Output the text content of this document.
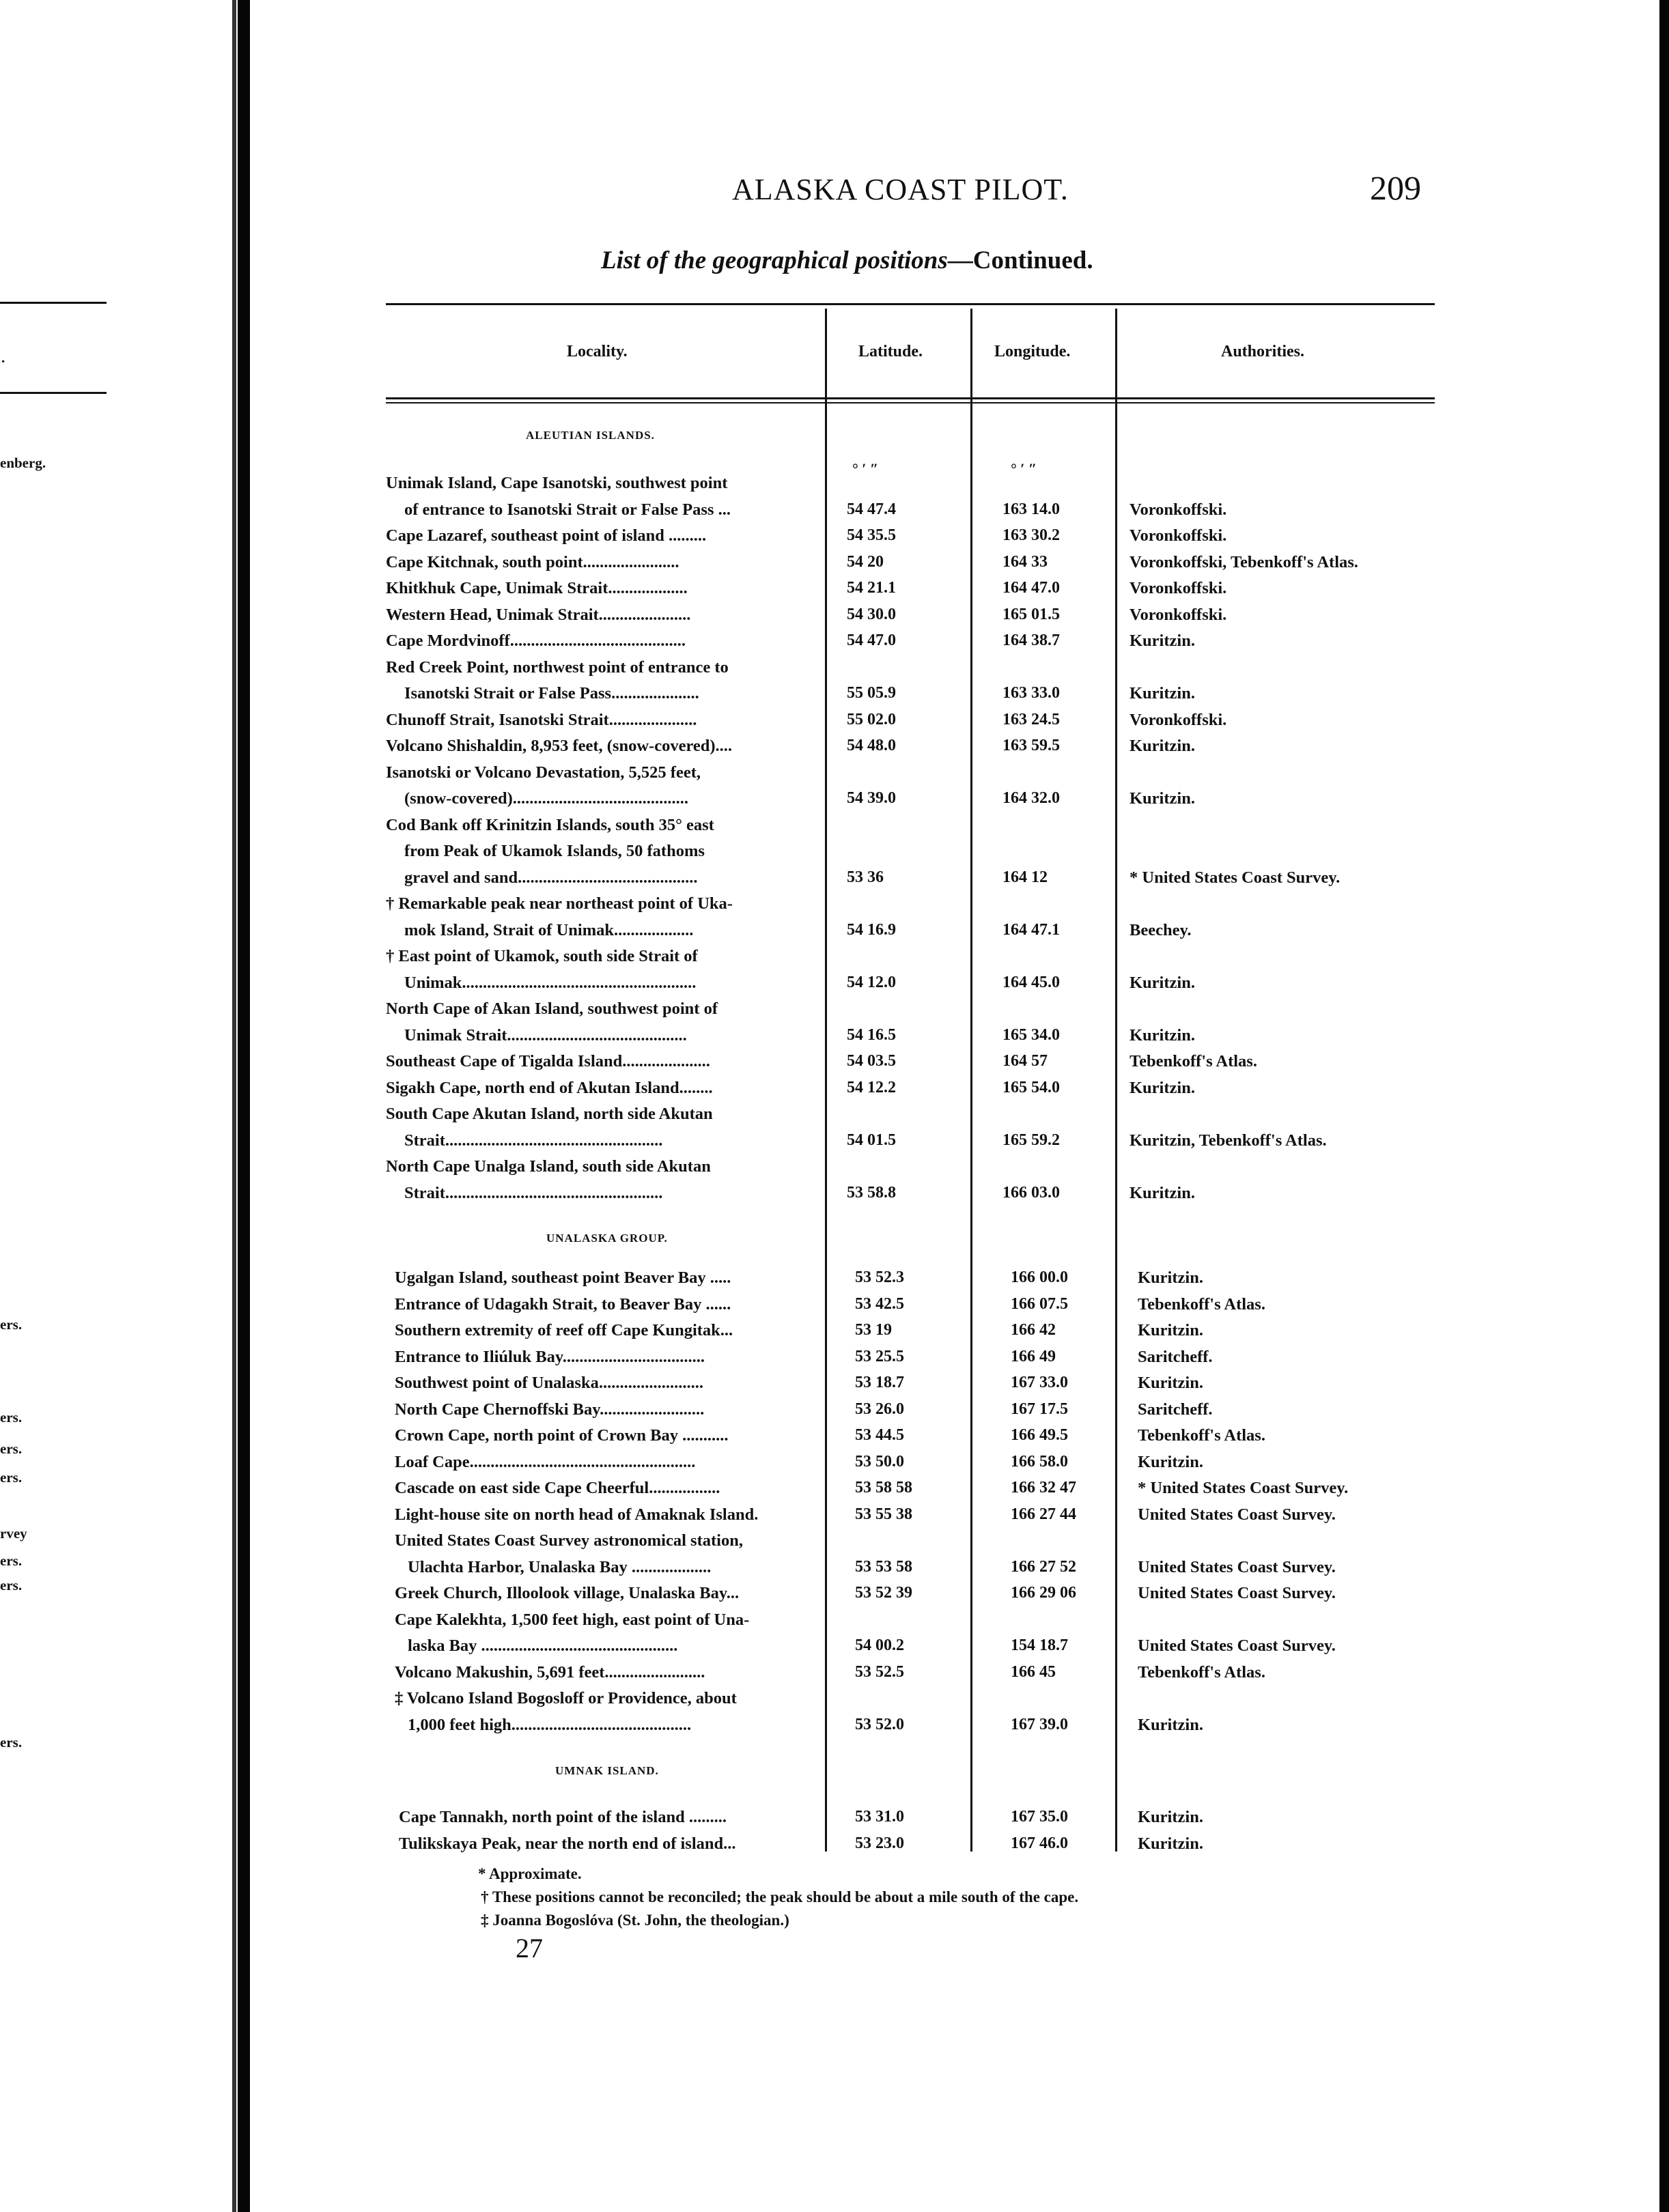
.
enberg.
ers.
ers.
ers.
ers.
rvey
ers.
ers.
ers.
ALASKA COAST PILOT.	209
List of the geographical positions—Continued.
Locality.	Latitude.	Longitude.	Authorities.
° ′ ″	° ′ ″
ALEUTIAN ISLANDS.
Unimak Island, Cape Isanotski, southwest point
of entrance to Isanotski Strait or False Pass ...	54 47.4	163 14.0	Voronkoffski.
Cape Lazaref, southeast point of island .........	54 35.5	163 30.2	Voronkoffski.
Cape Kitchnak, south point.......................	54 20	164 33	Voronkoffski, Tebenkoff's Atlas.
Khitkhuk Cape, Unimak Strait...................	54 21.1	164 47.0	Voronkoffski.
Western Head, Unimak Strait......................	54 30.0	165 01.5	Voronkoffski.
Cape Mordvinoff..........................................	54 47.0	164 38.7	Kuritzin.
Red Creek Point, northwest point of entrance to
Isanotski Strait or False Pass.....................	55 05.9	163 33.0	Kuritzin.
Chunoff Strait, Isanotski Strait.....................	55 02.0	163 24.5	Voronkoffski.
Volcano Shishaldin, 8,953 feet, (snow-covered)....	54 48.0	163 59.5	Kuritzin.
Isanotski or Volcano Devastation, 5,525 feet,
(snow-covered)..........................................	54 39.0	164 32.0	Kuritzin.
Cod Bank off Krinitzin Islands, south 35° east
from Peak of Ukamok Islands, 50 fathoms
gravel and sand...........................................	53 36	164 12	* United States Coast Survey.
† Remarkable peak near northeast point of Uka-
mok Island, Strait of Unimak...................	54 16.9	164 47.1	Beechey.
† East point of Ukamok, south side Strait of
Unimak........................................................	54 12.0	164 45.0	Kuritzin.
North Cape of Akan Island, southwest point of
Unimak Strait...........................................	54 16.5	165 34.0	Kuritzin.
Southeast Cape of Tigalda Island.....................	54 03.5	164 57	Tebenkoff's Atlas.
Sigakh Cape, north end of Akutan Island........	54 12.2	165 54.0	Kuritzin.
South Cape Akutan Island, north side Akutan
Strait....................................................	54 01.5	165 59.2	Kuritzin, Tebenkoff's Atlas.
North Cape Unalga Island, south side Akutan
Strait....................................................	53 58.8	166 03.0	Kuritzin.
UNALASKA GROUP.
Ugalgan Island, southeast point Beaver Bay .....	53 52.3	166 00.0	Kuritzin.
Entrance of Udagakh Strait, to Beaver Bay ......	53 42.5	166 07.5	Tebenkoff's Atlas.
Southern extremity of reef off Cape Kungitak...	53 19	166 42	Kuritzin.
Entrance to Iliúluk Bay..................................	53 25.5	166 49	Saritcheff.
Southwest point of Unalaska.........................	53 18.7	167 33.0	Kuritzin.
North Cape Chernoffski Bay.........................	53 26.0	167 17.5	Saritcheff.
Crown Cape, north point of Crown Bay ...........	53 44.5	166 49.5	Tebenkoff's Atlas.
Loaf Cape......................................................	53 50.0	166 58.0	Kuritzin.
Cascade on east side Cape Cheerful.................	53 58 58	166 32 47	* United States Coast Survey.
Light-house site on north head of Amaknak Island.	53 55 38	166 27 44	United States Coast Survey.
United States Coast Survey astronomical station,
Ulachta Harbor, Unalaska Bay ...................	53 53 58	166 27 52	United States Coast Survey.
Greek Church, Illoolook village, Unalaska Bay...	53 52 39	166 29 06	United States Coast Survey.
Cape Kalekhta, 1,500 feet high, east point of Una-
laska Bay ...............................................	54 00.2	154 18.7	United States Coast Survey.
Volcano Makushin, 5,691 feet........................	53 52.5	166 45	Tebenkoff's Atlas.
‡ Volcano Island Bogosloff or Providence, about
1,000 feet high...........................................	53 52.0	167 39.0	Kuritzin.
UMNAK ISLAND.
Cape Tannakh, north point of the island .........	53 31.0	167 35.0	Kuritzin.
Tulikskaya Peak, near the north end of island...	53 23.0	167 46.0	Kuritzin.
* Approximate.
† These positions cannot be reconciled; the peak should be about a mile south of the cape.
‡ Joanna Bogoslóva (St. John, the theologian.)
27
